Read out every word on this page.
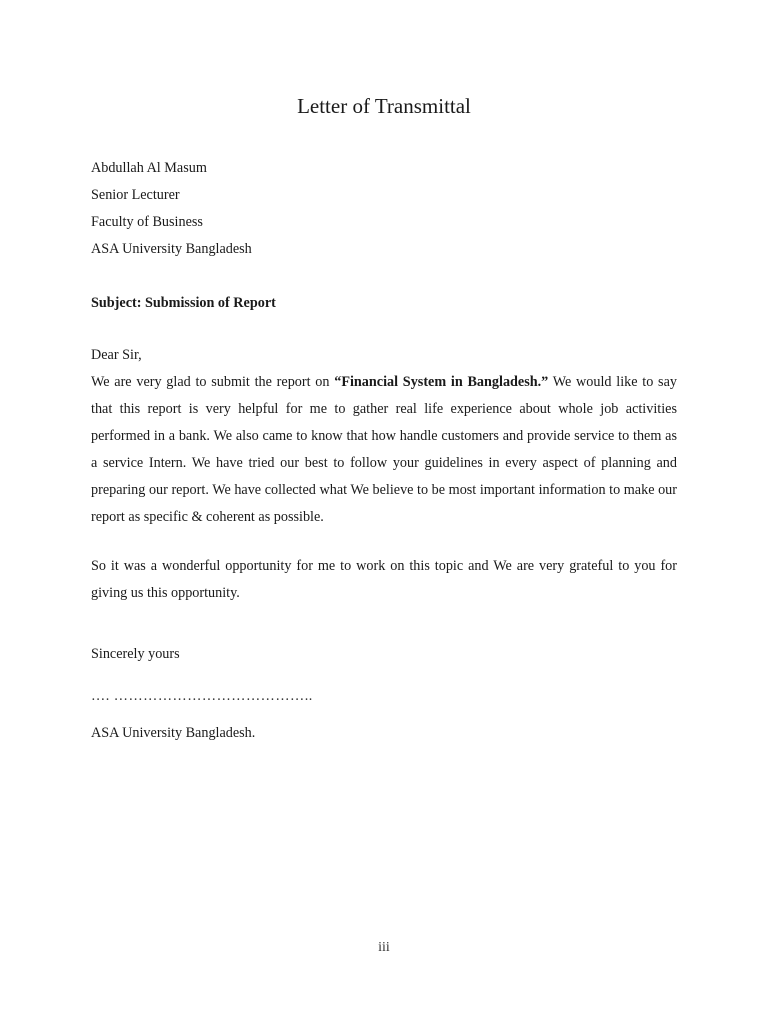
Letter of Transmittal
Abdullah Al Masum
Senior Lecturer
Faculty of Business
ASA University Bangladesh
Subject: Submission of Report
Dear Sir,
We are very glad to submit the report on “Financial System in Bangladesh.” We would like to say that this report is very helpful for me to gather real life experience about whole job activities performed in a bank. We also came to know that how handle customers and provide service to them as a service Intern. We have tried our best to follow your guidelines in every aspect of planning and preparing our report. We have collected what We believe to be most important information to make our report as specific & coherent as possible.
So it was a wonderful opportunity for me to work on this topic and We are very grateful to you for giving us this opportunity.
Sincerely yours
…. …………………………………..
ASA University Bangladesh.
iii
